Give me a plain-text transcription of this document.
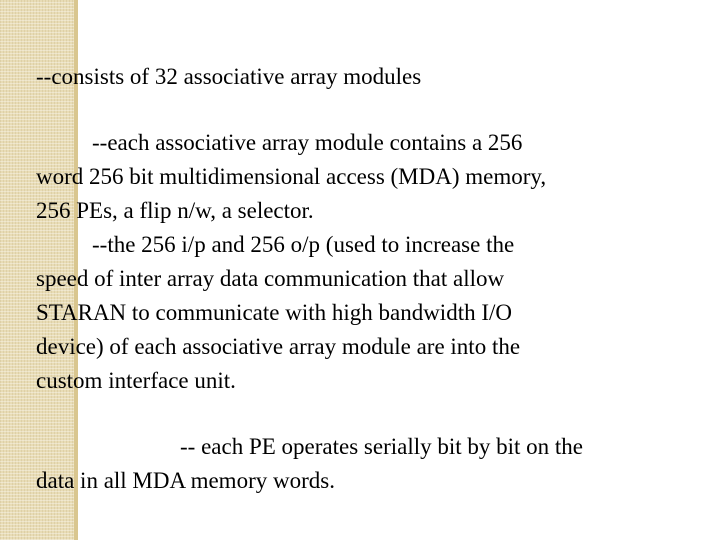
--consists of 32 associative array modules
--each associative array module contains a 256
word 256 bit multidimensional access (MDA) memory,
256 PEs, a flip n/w, a selector.
--the 256 i/p and 256 o/p (used to increase the
speed of inter array data communication that allow
STARAN to communicate with high bandwidth I/O
device) of each associative array module are into the
custom interface unit.
-- each PE operates serially bit by bit on the
data in all MDA memory words.
